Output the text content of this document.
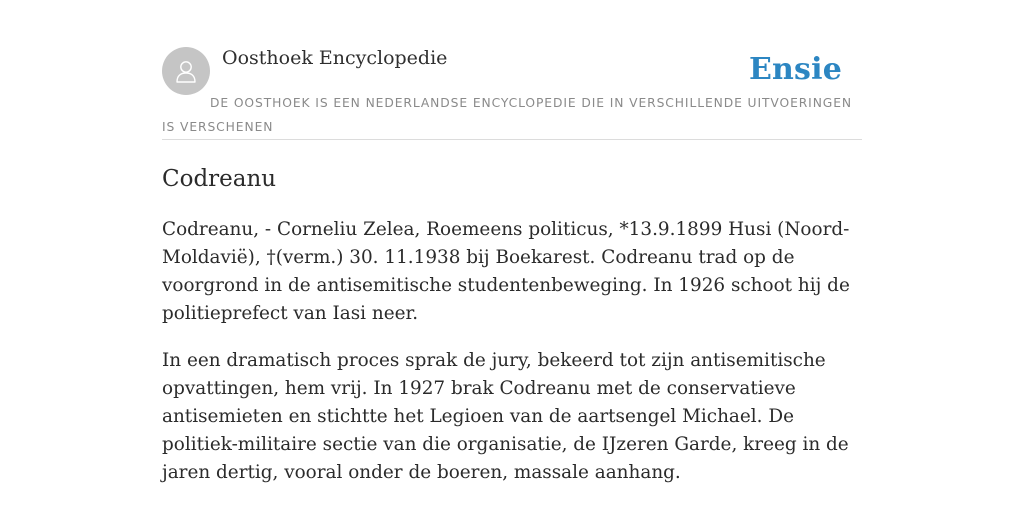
Oosthoek Encyclopedie	Ensie
DE OOSTHOEK IS EEN NEDERLANDSE ENCYCLOPEDIE DIE IN VERSCHILLENDE UITVOERINGEN IS VERSCHENEN
Codreanu

Codreanu, - Corneliu Zelea, Roemeens politicus, *13.9.1899 Husi (Noord-Moldavië), †(verm.) 30. 11.1938 bij Boekarest. Codreanu trad op de voorgrond in de antisemitische studentenbeweging. In 1926 schoot hij de politieprefect van Iasi neer.

In een dramatisch proces sprak de jury, bekeerd tot zijn antisemitische opvattingen, hem vrij. In 1927 brak Codreanu met de conservatieve antisemieten en stichtte het Legioen van de aartsengel Michael. De politiek-militaire sectie van die organisatie, de IJzeren Garde, kreeg in de jaren dertig, vooral onder de boeren, massale aanhang.
